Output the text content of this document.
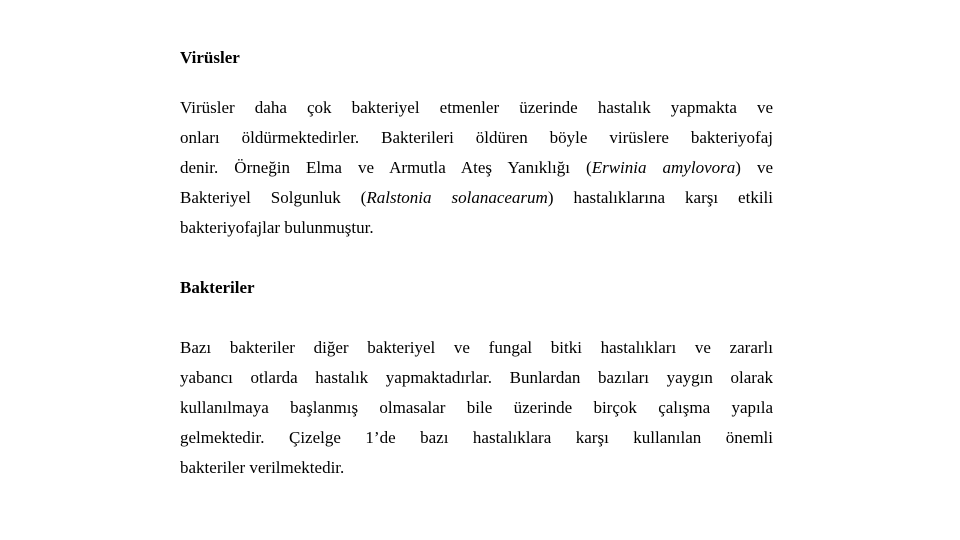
Virüsler
Virüsler daha çok bakteriyel etmenler üzerinde hastalık yapmakta ve
onları öldürmektedirler. Bakterileri öldüren böyle virüslere bakteriyofaj
denir. Örneğin Elma ve Armutla Ateş Yanıklığı (Erwinia amylovora) ve
Bakteriyel Solgunluk (Ralstonia solanacearum) hastalıklarına karşı etkili
bakteriyofajlar bulunmuştur.
Bakteriler
Bazı bakteriler diğer bakteriyel ve fungal bitki hastalıkları ve zararlı
yabancı otlarda hastalık yapmaktadırlar. Bunlardan bazıları yaygın olarak
kullanılmaya başlanmış olmasalar bile üzerinde birçok çalışma yapıla
gelmektedir. Çizelge 1’de bazı hastalıklara karşı kullanılan önemli
bakteriler verilmektedir.
